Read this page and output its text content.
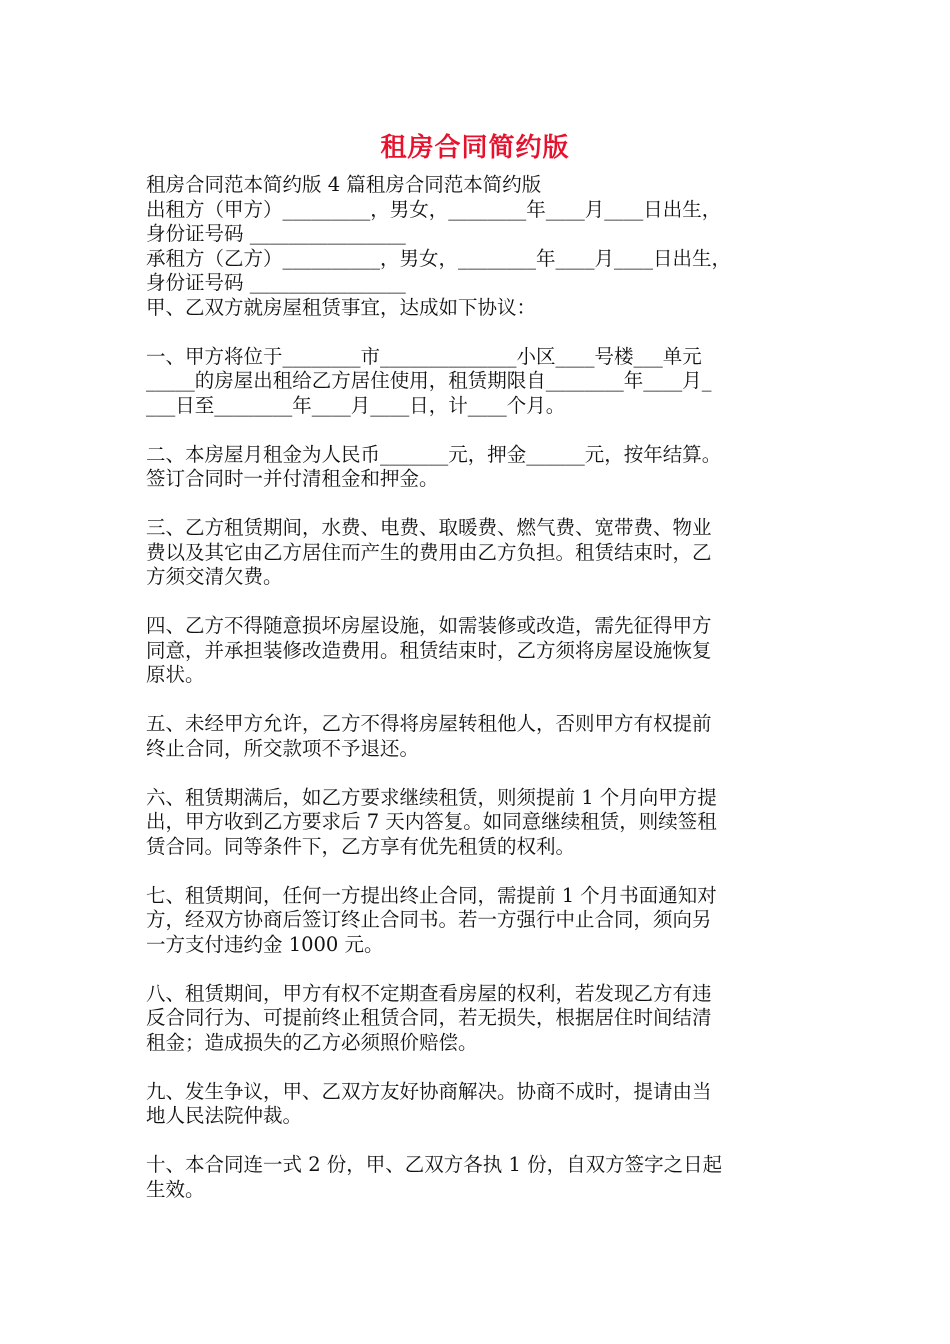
租房合同简约版
租房合同范本简约版 4 篇租房合同范本简约版
出租方（甲方）_________，男女，________年____月____日出生，
身份证号码 ________________
承租方（乙方）__________，男女，________年____月____日出生，
身份证号码 ________________
甲、乙双方就房屋租赁事宜，达成如下协议：
一、甲方将位于________市______________小区____号楼___单元
_____的房屋出租给乙方居住使用，租赁期限自________年____月_
___日至________年____月____日，计____个月。
二、本房屋月租金为人民币_______元，押金______元，按年结算。
签订合同时一并付清租金和押金。
三、乙方租赁期间，水费、电费、取暖费、燃气费、宽带费、物业
费以及其它由乙方居住而产生的费用由乙方负担。租赁结束时，乙
方须交清欠费。
四、乙方不得随意损坏房屋设施，如需装修或改造，需先征得甲方
同意，并承担装修改造费用。租赁结束时，乙方须将房屋设施恢复
原状。
五、未经甲方允许，乙方不得将房屋转租他人，否则甲方有权提前
终止合同，所交款项不予退还。
六、租赁期满后，如乙方要求继续租赁，则须提前 1 个月向甲方提
出，甲方收到乙方要求后 7 天内答复。如同意继续租赁，则续签租
赁合同。同等条件下，乙方享有优先租赁的权利。
七、租赁期间，任何一方提出终止合同，需提前 1 个月书面通知对
方，经双方协商后签订终止合同书。若一方强行中止合同，须向另
一方支付违约金 1000 元。
八、租赁期间，甲方有权不定期查看房屋的权利，若发现乙方有违
反合同行为、可提前终止租赁合同，若无损失，根据居住时间结清
租金；造成损失的乙方必须照价赔偿。
九、发生争议，甲、乙双方友好协商解决。协商不成时，提请由当
地人民法院仲裁。
十、本合同连一式 2 份，甲、乙双方各执 1 份，自双方签字之日起
生效。
